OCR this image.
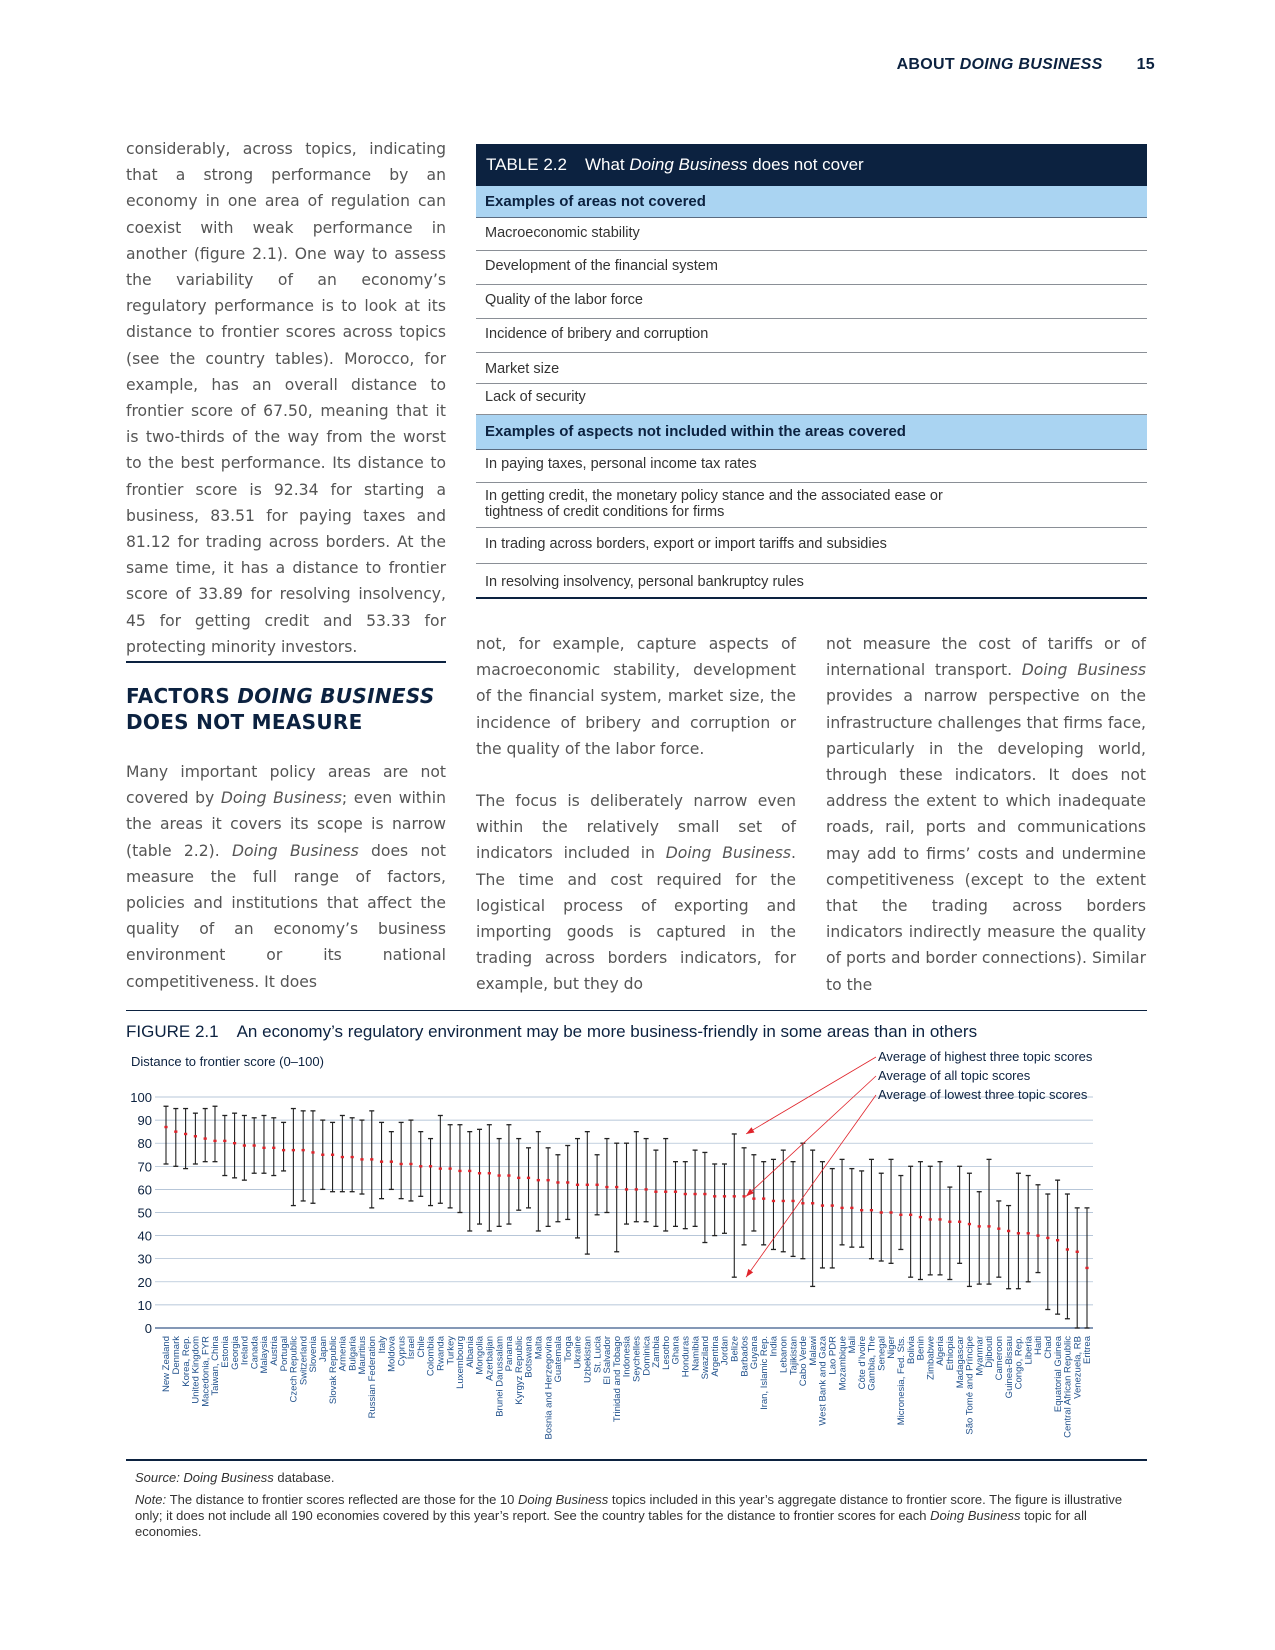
ABOUT DOING BUSINESS 15

considerably, across topics, indicating that a strong performance by an economy in one area of regulation can coexist with weak performance in another (figure 2.1). One way to assess the variability of an economy’s regulatory performance is to look at its distance to frontier scores across topics (see the country tables). Morocco, for example, has an overall distance to frontier score of 67.50, meaning that it is two-thirds of the way from the worst to the best performance. Its distance to frontier score is 92.34 for starting a business, 83.51 for paying taxes and 81.12 for trading across borders. At the same time, it has a distance to frontier score of 33.89 for resolving insolvency, 45 for getting credit and 53.33 for protecting minority investors.

FACTORS DOING BUSINESS
DOES NOT MEASURE

Many important policy areas are not covered by Doing Business; even within the areas it covers its scope is narrow (table 2.2). Doing Business does not measure the full range of factors, policies and institutions that affect the quality of an economy’s business environment or its national competitiveness. It does

not, for example, capture aspects of macroeconomic stability, development of the financial system, market size, the incidence of bribery and corruption or the quality of the labor force.

The focus is deliberately narrow even within the relatively small set of indicators included in Doing Business. The time and cost required for the logistical process of exporting and importing goods is captured in the trading across borders indicators, for example, but they do

not measure the cost of tariffs or of international transport. Doing Business provides a narrow perspective on the infrastructure challenges that firms face, particularly in the developing world, through these indicators. It does not address the extent to which inadequate roads, rail, ports and communications may add to firms’ costs and undermine competitiveness (except to the extent that the trading across borders indicators indirectly measure the quality of ports and border connections). Similar to the

TABLE 2.2 What Doing Business does not cover
Examples of areas not covered
Macroeconomic stability
Development of the financial system
Quality of the labor force
Incidence of bribery and corruption
Market size
Lack of security
Examples of aspects not included within the areas covered
In paying taxes, personal income tax rates
In getting credit, the monetary policy stance and the associated ease or tightness of credit conditions for firms
In trading across borders, export or import tariffs and subsidies
In resolving insolvency, personal bankruptcy rules
FIGURE 2.1 An economy’s regulatory environment may be more business-friendly in some areas than in others
Distance to frontier score (0–100)
0
10
20
30
40
50
60
70
80
90
100
New Zealand
Denmark
Korea, Rep.
United Kingdom
Macedonia, FYR
Taiwan, China
Estonia
Georgia
Ireland
Canada
Malaysia
Austria
Portugal
Czech Republic
Switzerland
Slovenia
Japan
Slovak Republic
Armenia
Bulgaria
Mauritius
Russian Federation
Italy
Moldova
Cyprus
Israel
Chile
Colombia
Rwanda
Turkey
Luxembourg
Albania
Mongolia
Azerbaijan
Brunei Darussalam
Panama
Kyrgyz Republic
Botswana
Malta
Bosnia and Herzegovina
Guatemala
Tonga
Ukraine
Uzbekistan
St. Lucia
El Salvador
Trinidad and Tobago
Indonesia
Seychelles
Dominica
Zambia
Lesotho
Ghana
Honduras
Namibia
Swaziland
Argentina
Jordan
Belize
Barbados
Guyana
Iran, Islamic Rep.
India
Lebanon
Tajikistan
Cabo Verde
Malawi
West Bank and Gaza
Lao PDR
Mozambique
Mali
Côte d’Ivoire
Gambia, The
Senegal
Niger
Micronesia, Fed. Sts.
Bolivia
Benin
Zimbabwe
Algeria
Ethiopia
Madagascar
São Tomé and Príncipe
Myanmar
Djibouti
Cameroon
Guinea-Bissau
Congo, Rep.
Liberia
Haiti
Chad
Equatorial Guinea
Central African Republic
Venezuela, RB
Eritrea
Average of highest three topic scores
Average of all topic scores
Average of lowest three topic scores
Source: Doing Business database.
Note: The distance to frontier scores reflected are those for the 10 Doing Business topics included in this year’s aggregate distance to frontier score. The figure is illustrative only; it does not include all 190 economies covered by this year’s report. See the country tables for the distance to frontier scores for each Doing Business topic for all economies.
